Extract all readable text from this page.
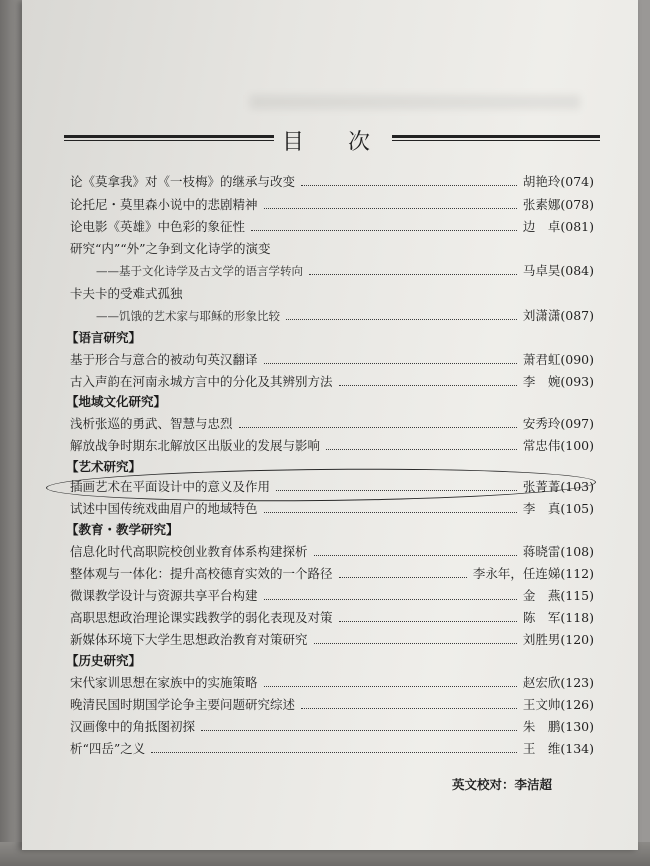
目 次
论《莫拿我》对《一枝梅》的继承与改变	胡艳玲(074)
论托尼・莫里森小说中的悲剧精神	张素娜(078)
论电影《英雄》中色彩的象征性	边　卓(081)
研究“内”“外”之争到文化诗学的演变
——基于文化诗学及古文学的语言学转向	马卓昊(084)
卡夫卡的受难式孤独
——饥饿的艺术家与耶稣的形象比较	刘潇潇(087)
【语言研究】
基于形合与意合的被动句英汉翻译	萧君虹(090)
古入声韵在河南永城方言中的分化及其辨别方法	李　婉(093)
【地域文化研究】
浅析张巡的勇武、智慧与忠烈	安秀玲(097)
解放战争时期东北解放区出版业的发展与影响	常忠伟(100)
【艺术研究】
插画艺术在平面设计中的意义及作用	张菁菁(103)
试述中国传统戏曲眉户的地域特色	李　真(105)
【教育・教学研究】
信息化时代高职院校创业教育体系构建探析	蒋晓雷(108)
整体观与一体化：提升高校德育实效的一个路径	李永年，任连娣(112)
微课教学设计与资源共享平台构建	金　燕(115)
高职思想政治理论课实践教学的弱化表现及对策	陈　军(118)
新媒体环境下大学生思想政治教育对策研究	刘胜男(120)
【历史研究】
宋代家训思想在家族中的实施策略	赵宏欣(123)
晚清民国时期国学论争主要问题研究综述	王文帅(126)
汉画像中的角抵图初探	朱　鹏(130)
析“四岳”之义	王　维(134)
英文校对：李洁超
